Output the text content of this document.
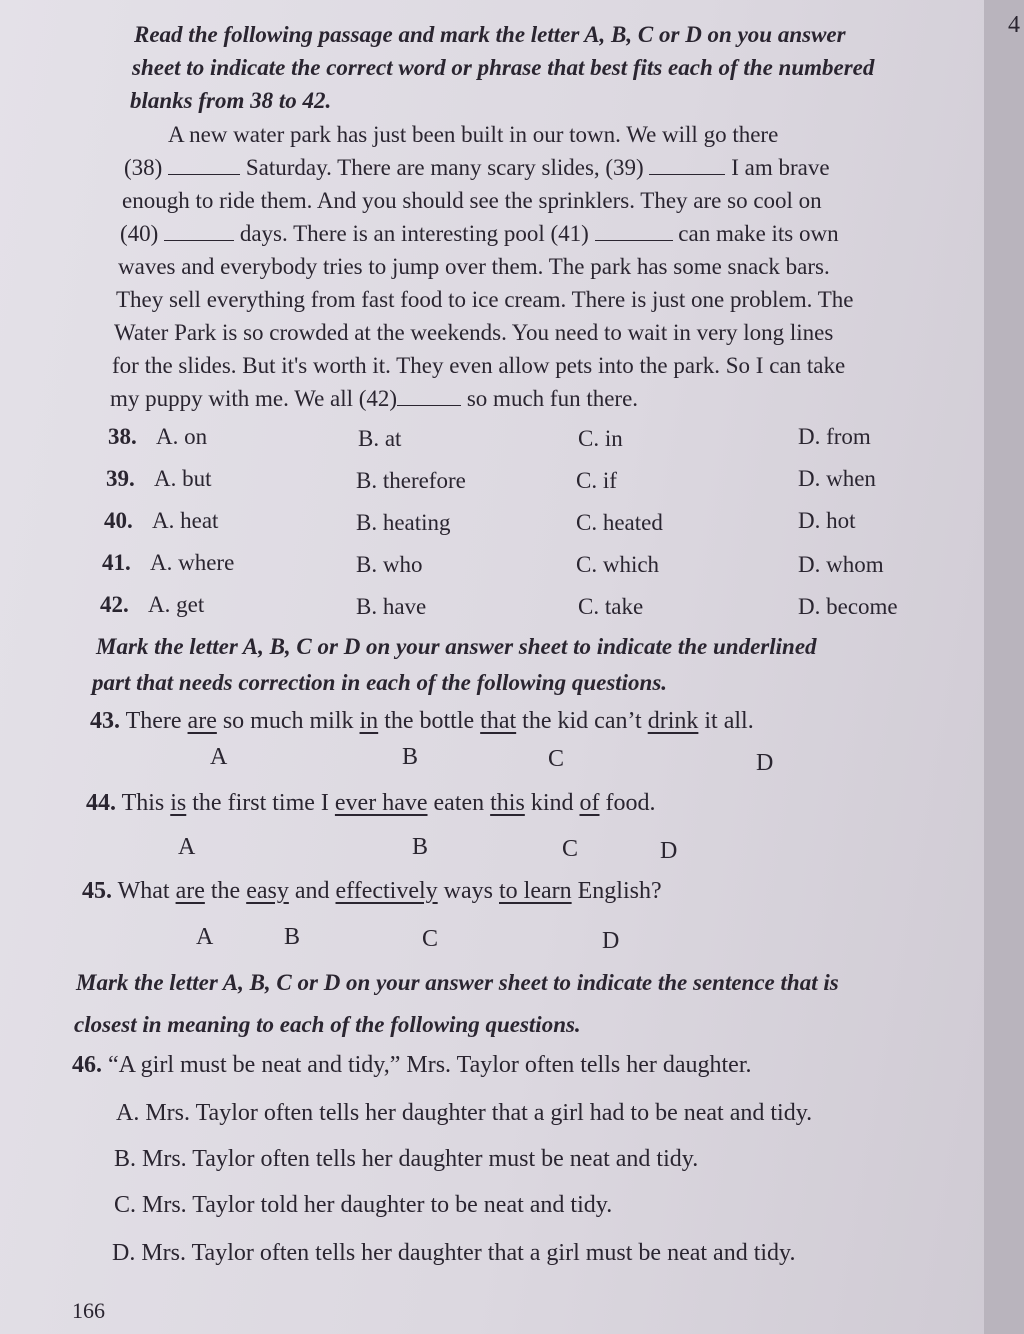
4
Read the following passage and mark the letter A, B, C or D on you answer
sheet to indicate the correct word or phrase that best fits each of the numbered
blanks from 38 to 42.
A new water park has just been built in our town. We will go there
(38)	Saturday. There are many scary slides, (39)	I am brave
enough to ride them. And you should see the sprinklers. They are so cool on
(40)	days. There is an interesting pool (41)	can make its own
waves and everybody tries to jump over them. The park has some snack bars.
They sell everything from fast food to ice cream. There is just one problem. The
Water Park is so crowded at the weekends. You need to wait in very long lines
for the slides. But it's worth it. They even allow pets into the park. So I can take
my puppy with me. We all (42)	so much fun there.
38. A. on	B. at	C. in	D. from
39. A. but	B. therefore	C. if	D. when
40. A. heat	B. heating	C. heated	D. hot
41. A. where	B. who	C. which	D. whom
42. A. get	B. have	C. take	D. become
Mark the letter A, B, C or D on your answer sheet to indicate the underlined
part that needs correction in each of the following questions.
43. There are so much milk in the bottle that the kid can’t drink it all.
A	B	C	D
44. This is the first time I ever have eaten this kind of food.
A	B	C	D
45. What are the easy and effectively ways to learn English?
A	B	C	D
Mark the letter A, B, C or D on your answer sheet to indicate the sentence that is
closest in meaning to each of the following questions.
46. “A girl must be neat and tidy,” Mrs. Taylor often tells her daughter.
A. Mrs. Taylor often tells her daughter that a girl had to be neat and tidy.
B. Mrs. Taylor often tells her daughter must be neat and tidy.
C. Mrs. Taylor told her daughter to be neat and tidy.
D. Mrs. Taylor often tells her daughter that a girl must be neat and tidy.
166
